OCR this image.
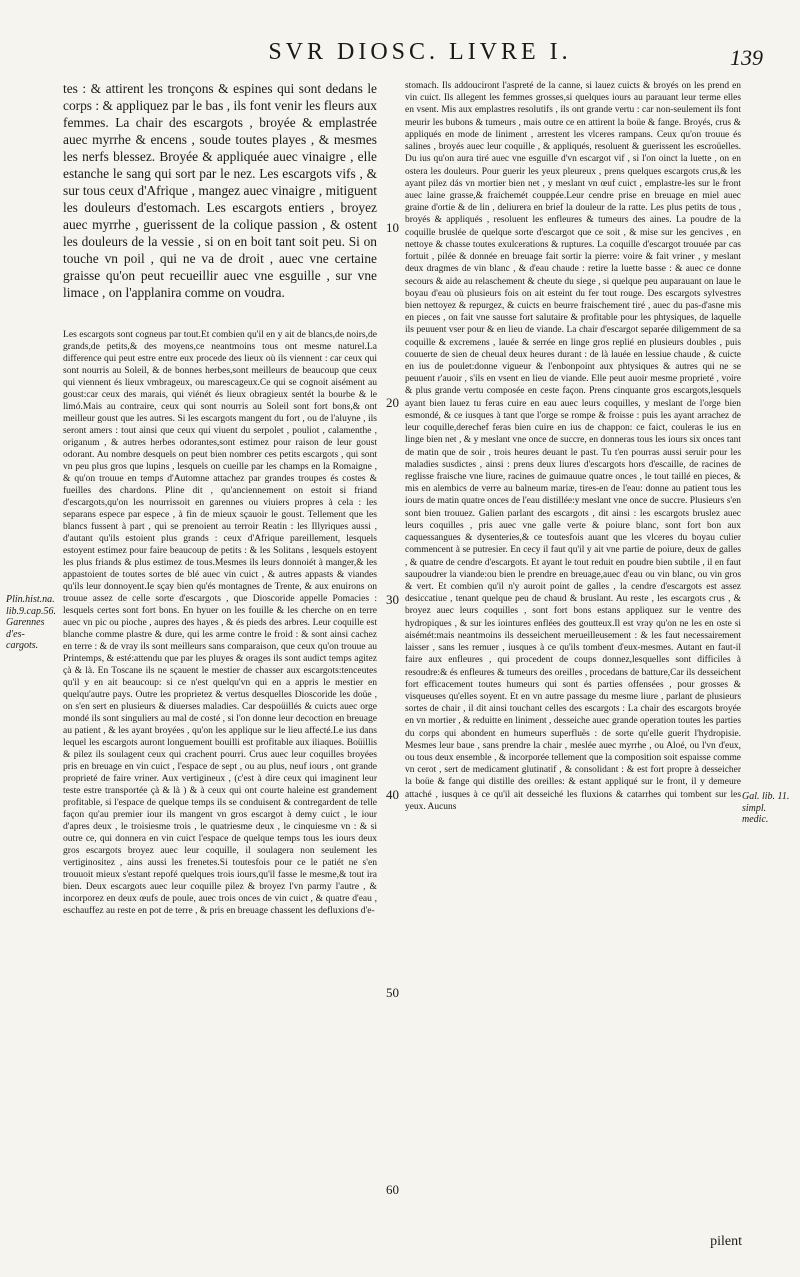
SVR DIOSC. LIVRE I.	139

tes : & attirent les tronçons & espines qui sont dedans le corps : & appliquez par le bas , ils font venir les fleurs aux femmes. La chair des escargots , broyée & emplastrée auec myrrhe & encens , soude toutes playes , & mesmes les nerfs blessez. Broyée & appliquée auec vinaigre , elle estanche le sang qui sort par le nez. Les escargots vifs , & sur tous ceux d'Afrique , mangez auec vinaigre , mitiguent les douleurs d'estomach. Les escargots entiers , broyez auec myrrhe , guerissent de la colique passion , & ostent les douleurs de la vessie , si on en boit tant soit peu. Si on touche vn poil , qui ne va de droit , auec vne certaine graisse qu'on peut recueillir auec vne esguille , sur vne limace , on l'applanira comme on voudra.

Les escargots sont cogneus par tout.Et combien qu'il en y ait de blancs,de noirs,de grands,de petits,& des moyens,ce neantmoins tous ont mesme naturel.La difference qui peut estre entre eux procede des lieux où ils viennent : car ceux qui sont nourris au Soleil, & de bonnes herbes,sont meilleurs de beaucoup que ceux qui viennent és lieux vmbrageux, ou marescageux.Ce qui se cognoit aisément au goust:car ceux des marais, qui viénét és lieux obragieux sentét la bourbe & le limó.Mais au contraire, ceux qui sont nourris au Soleil sont fort bons,& ont meilleur goust que les autres. Si les escargots mangent du fort , ou de l'aluyne , ils seront amers : tout ainsi que ceux qui viuent du serpolet , pouliot , calamenthe , origanum , & autres herbes odorantes,sont estimez pour raison de leur goust odorant. Au nombre desquels on peut bien nombrer ces petits escargots , qui sont vn peu plus gros que lupins , lesquels on cueille par les champs en la Romaigne , & qu'on trouue en temps d'Automne attachez par grandes troupes és costes & fueilles des chardons. Pline dit , qu'anciennement on estoit si friand d'escargots,qu'on les nourrissoit en garennes ou viuiers propres à cela : les separans espece par espece , à fin de mieux sçauoir le goust. Tellement que les blancs fussent à part , qui se prenoient au terroir Reatin : les Illyriques aussi , d'autant qu'ils estoient plus grands : ceux d'Afrique pareillement, lesquels estoyent estimez pour faire beaucoup de petits : & les Solitans , lesquels estoyent les plus friands & plus estimez de tous.Mesmes ils leurs donnoiét à manger,& les appastoient de toutes sortes de blé auec vin cuict , & autres appasts & viandes qu'ils leur donnoyent.Ie sçay bien qu'és montagnes de Trente, & aux enuirons on trouue assez de celle sorte d'escargots , que Dioscoride appelle Pomacies : lesquels certes sont fort bons. En hyuer on les fouille & les cherche on en terre auec vn pic ou pioche , aupres des hayes , & és pieds des arbres. Leur coquille est blanche comme plastre & dure, qui les arme contre le froid : & sont ainsi cachez en terre : & de vray ils sont meilleurs sans comparaison, que ceux qu'on trouue au Printemps, & esté:attendu que par les pluyes & orages ils sont audict temps agitez çà & là. En Toscane ils ne sçauent le mestier de chasser aux escargots:tenceutes qu'il y en ait beaucoup: si ce n'est quelqu'vn qui en a appris le mestier en quelqu'autre pays. Outre les proprietez & vertus desquelles Dioscoride les doüe , on s'en sert en plusieurs & diuerses maladies. Car despoüillés & cuicts auec orge mondé ils sont singuliers au mal de costé , si l'on donne leur decoction en breuage au patient , & les ayant broyées , qu'on les applique sur le lieu affecté.Le ius dans lequel les escargots auront longuement bouilli est profitable aux iliaques. Boüillis & pilez ils soulagent ceux qui crachent pourri. Crus auec leur coquilles broyées pris en breuage en vin cuict , l'espace de sept , ou au plus, neuf iours , ont grande proprieté de faire vriner. Aux vertigineux , (c'est à dire ceux qui imaginent leur teste estre transportée çà & là ) & à ceux qui ont courte haleine est grandement profitable, si l'espace de quelque temps ils se conduisent & contregardent de telle façon qu'au premier iour ils mangent vn gros escargot à demy cuict , le iour d'apres deux , le troisiesme trois , le quatriesme deux , le cinquiesme vn : & si outre ce, qui donnera en vin cuict l'espace de quelque temps tous les iours deux gros escargots broyez auec leur coquille, il soulagera non seulement les vertiginositez , ains aussi les frenetes.Si toutesfois pour ce le patiét ne s'en trouuoit mieux s'estant repofé quelques trois iours,qu'il fasse le mesme,& tout ira bien. Deux escargots auec leur coquille pilez & broyez l'vn parmy l'autre , & incorporez en deux œufs de poule, auec trois onces de vin cuict , & quatre d'eau , eschauffez au reste en pot de terre , & pris en breuage chassent les defluxions d'e-

stomach. Ils addouciront l'aspreté de la canne, si lauez cuicts & broyés on les prend en vin cuict. Ils allegent les femmes grosses,si quelques iours au parauant leur terme elles en vsent. Mis aux emplastres resolutifs , ils ont grande vertu : car non-seulement ils font meurir les bubons & tumeurs , mais outre ce en attirent la boüe & fange. Broyés, crus & appliqués en mode de liniment , arrestent les vlceres rampans. Ceux qu'on trouue és salines , broyés auec leur coquille , & appliqués, resoluent & guerissent les escroüelles. Du ius qu'on aura tiré auec vne esguille d'vn escargot vif , si l'on oinct la luette , on en ostera les douleurs. Pour guerir les yeux pleureux , prens quelques escargots crus,& les ayant pilez dás vn mortier bien net , y meslant vn œuf cuict , emplastre-les sur le front auec laine grasse,& fraichemét couppée.Leur cendre prise en breuage en miel auec graine d'ortie & de lin , deliurera en brief la douleur de la ratte. Les plus petits de tous , broyés & appliqués , resoluent les enfleures & tumeurs des aines. La poudre de la coquille bruslée de quelque sorte d'escargot que ce soit , & mise sur les gencives , en nettoye & chasse toutes exulcerations & ruptures. La coquille d'escargot trouuée par cas fortuit , pilée & donnée en breuage fait sortir la pierre: voire & fait vriner , y meslant deux dragmes de vin blanc , & d'eau chaude : retire la luette basse : & auec ce donne secours & aide au relaschement & cheute du siege , si quelque peu auparauant on laue le boyau d'eau où plusieurs fois on ait esteint du fer tout rouge. Des escargots sylvestres bien nettoyez & repurgez, & cuicts en beurre fraischement tiré , auec du pas-d'asne mis en pieces , on fait vne sausse fort salutaire & profitable pour les phtysiques, de laquelle ils peuuent vser pour & en lieu de viande. La chair d'escargot separée diligemment de sa coquille & excremens , lauée & serrée en linge gros replié en plusieurs doubles , puis couuerte de sien de cheual deux heures durant : de là lauée en lessiue chaude , & cuicte en ius de poulet:donne vigueur & l'enbonpoint aux phtysiques & autres qui ne se peuuent r'auoir , s'ils en vsent en lieu de viande. Elle peut auoir mesme proprieté , voire & plus grande vertu composée en ceste façon. Prens cinquante gros escargots,lesquels ayant bien lauez tu feras cuire en eau auec leurs coquilles, y meslant de l'orge bien esmondé, & ce iusques à tant que l'orge se rompe & froisse : puis les ayant arrachez de leur coquille,derechef feras bien cuire en ius de chappon: ce faict, couleras le ius en linge bien net , & y meslant vne once de succre, en donneras tous les iours six onces tant de matin que de soir , trois heures deuant le past. Tu t'en pourras aussi seruir pour les maladies susdictes , ainsi : prens deux liures d'escargots hors d'escaille, de racines de reglisse fraische vne liure, racines de guimauue quatre onces , le tout taillé en pieces, & mis en alembics de verre au balneum mariæ, tires-en de l'eau: donne au patient tous les iours de matin quatre onces de l'eau distillée:y meslant vne once de succre. Plusieurs s'en sont bien trouuez. Galien parlant des escargots , dit ainsi : les escargots bruslez auec leurs coquilles , pris auec vne galle verte & poiure blanc, sont fort bon aux caquessangues & dysenteries,& ce toutesfois auant que les vlceres du boyau culier commencent à se putresier. En cecy il faut qu'il y ait vne partie de poiure, deux de galles , & quatre de cendre d'escargots. Et ayant le tout reduit en poudre bien subtile , il en faut saupoudrer la viande:ou bien le prendre en breuage,auec d'eau ou vin blanc, ou vin gros & vert. Et combien qu'il n'y auroit point de galles , la cendre d'escargots est assez desiccatiue , tenant quelque peu de chaud & bruslant. Au reste , les escargots crus , & broyez auec leurs coquilles , sont fort bons estans appliquez sur le ventre des hydropiques , & sur les iointures enflées des goutteux.Il est vray qu'on ne les en oste si aisémét:mais neantmoins ils desseichent merueilleusement : & les faut necessairement laisser , sans les remuer , iusques à ce qu'ils tombent d'eux-mesmes. Autant en faut-il faire aux enfleures , qui procedent de coups donnez,lesquelles sont difficiles à resoudre:& és enfleures & tumeurs des oreilles , procedans de batture,Car ils desseichent fort efficacement toutes humeurs qui sont és parties offensées , pour grosses & visqueuses qu'elles soyent. Et en vn autre passage du mesme liure , parlant de plusieurs sortes de chair , il dit ainsi touchant celles des escargots : La chair des escargots broyée en vn mortier , & reduitte en liniment , desseiche auec grande operation toutes les parties du corps qui abondent en humeurs superfluës : de sorte qu'elle guerit l'hydropisie. Mesmes leur baue , sans prendre la chair , meslée auec myrrhe , ou Aloé, ou l'vn d'eux, ou tous deux ensemble , & incorporée tellement que la composition soit espaisse comme vn cerot , sert de medicament glutinatif , & consolidant : & est fort propre à desseicher la boüe & fange qui distille des oreilles: & estant appliqué sur le front, il y demeure attaché , iusques à ce qu'il ait desseiché les fluxions & catarrhes qui tombent sur les yeux. Aucuns

10
20
30
40
50
60
Plin.hist.na.
lib.9.cap.56.
Garennes d'es-
cargots.
Gal. lib. 11.
simpl. medic.
pilent
